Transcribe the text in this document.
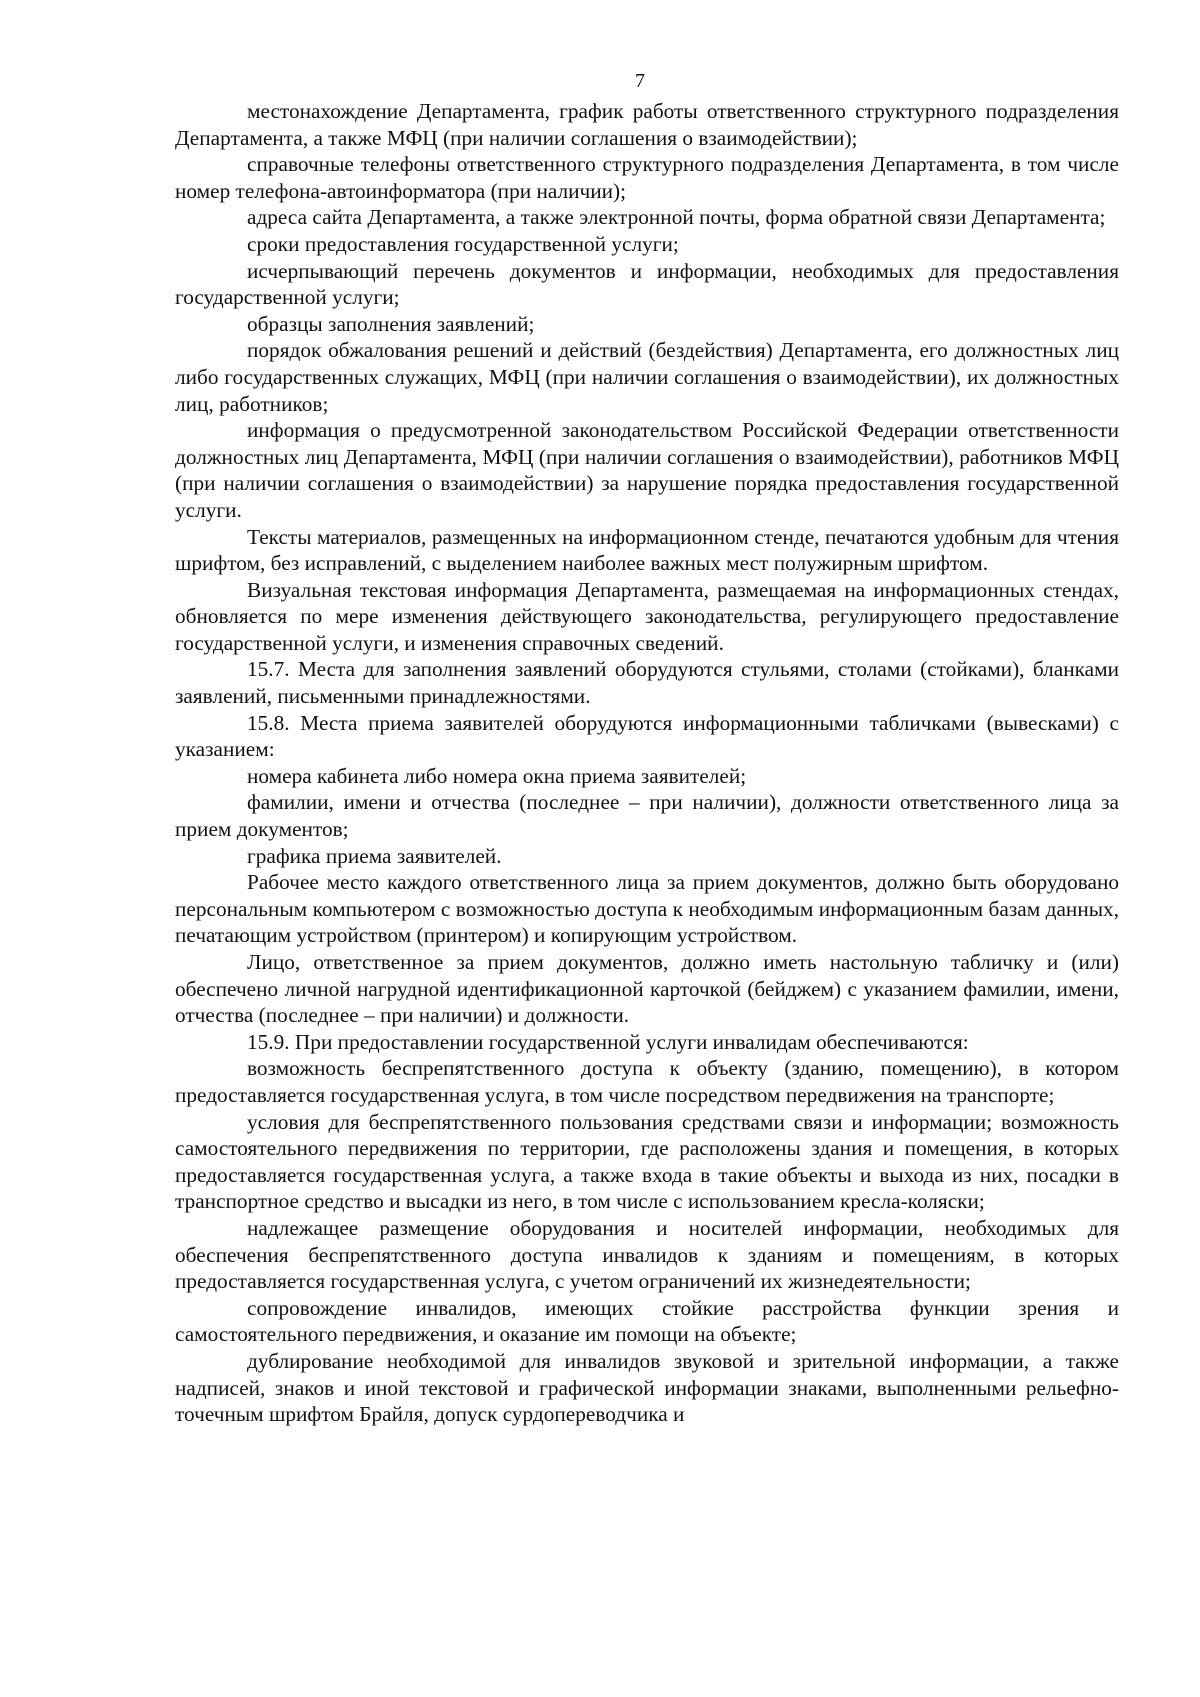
7

местонахождение Департамента, график работы ответственного структурного подразделения Департамента, а также МФЦ (при наличии соглашения о взаимодействии);

справочные телефоны ответственного структурного подразделения Департамента, в том числе номер телефона-автоинформатора (при наличии);

адреса сайта Департамента, а также электронной почты, форма обратной связи Департамента;

сроки предоставления государственной услуги;

исчерпывающий перечень документов и информации, необходимых для предоставления государственной услуги;

образцы заполнения заявлений;

порядок обжалования решений и действий (бездействия) Департамента, его должностных лиц либо государственных служащих, МФЦ (при наличии соглашения о взаимодействии), их должностных лиц, работников;

информация о предусмотренной законодательством Российской Федерации ответственности должностных лиц Департамента, МФЦ (при наличии соглашения о взаимодействии), работников МФЦ (при наличии соглашения о взаимодействии) за нарушение порядка предоставления государственной услуги.

Тексты материалов, размещенных на информационном стенде, печатаются удобным для чтения шрифтом, без исправлений, с выделением наиболее важных мест полужирным шрифтом.

Визуальная текстовая информация Департамента, размещаемая на информационных стендах, обновляется по мере изменения действующего законодательства, регулирующего предоставление государственной услуги, и изменения справочных сведений.

15.7. Места для заполнения заявлений оборудуются стульями, столами (стойками), бланками заявлений, письменными принадлежностями.

15.8. Места приема заявителей оборудуются информационными табличками (вывесками) с указанием:

номера кабинета либо номера окна приема заявителей;

фамилии, имени и отчества (последнее – при наличии), должности ответственного лица за прием документов;

графика приема заявителей.

Рабочее место каждого ответственного лица за прием документов, должно быть оборудовано персональным компьютером с возможностью доступа к необходимым информационным базам данных, печатающим устройством (принтером) и копирующим устройством.

Лицо, ответственное за прием документов, должно иметь настольную табличку и (или) обеспечено личной нагрудной идентификационной карточкой (бейджем) с указанием фамилии, имени, отчества (последнее – при наличии) и должности.

15.9. При предоставлении государственной услуги инвалидам обеспечиваются:

возможность беспрепятственного доступа к объекту (зданию, помещению), в котором предоставляется государственная услуга, в том числе посредством передвижения на транспорте;

условия для беспрепятственного пользования средствами связи и информации; возможность самостоятельного передвижения по территории, где расположены здания и помещения, в которых предоставляется государственная услуга, а также входа в такие объекты и выхода из них, посадки в транспортное средство и высадки из него, в том числе с использованием кресла-коляски;

надлежащее размещение оборудования и носителей информации, необходимых для обеспечения беспрепятственного доступа инвалидов к зданиям и помещениям, в которых предоставляется государственная услуга, с учетом ограничений их жизнедеятельности;

сопровождение инвалидов, имеющих стойкие расстройства функции зрения и самостоятельного передвижения, и оказание им помощи на объекте;

дублирование необходимой для инвалидов звуковой и зрительной информации, а также надписей, знаков и иной текстовой и графической информации знаками, выполненными рельефно-точечным шрифтом Брайля, допуск сурдопереводчика и
